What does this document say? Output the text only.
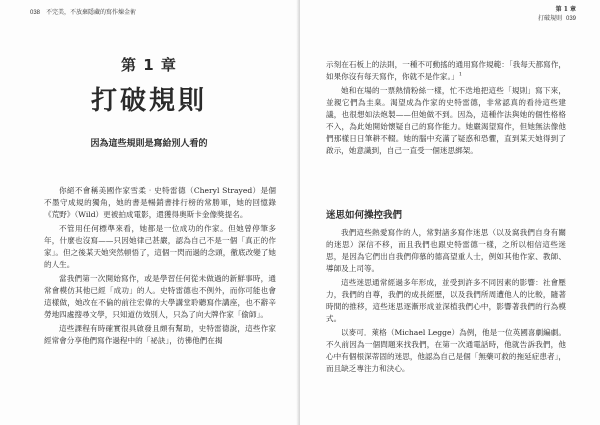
038 不完美，不放棄隱藏的寫作煉金術
第 1 章
打破規則
因為這些規則是寫給別人看的

你絕不會稱美國作家雪柔‧史特雷德（Cheryl Strayed）是個不墨守成規的獨角，她的書是暢銷書排行榜的常勝軍，她的回憶錄《荒野》（Wild）更被拍成電影，還獲得奧斯卡金像獎提名。

不管用任何標準來看，她都是一位成功的作家。但她曾停筆多年，什麼也沒寫——只因她律己甚嚴，認為自己不是一個「真正的作家」。但之後某天她突然頓悟了，這個一閃而過的念頭，徹底改變了她的人生。

當我們第一次開始寫作，或是學習任何從未做過的新鮮事時，通常會模仿其他已經「成功」的人。史特雷德也不例外，而你可能也會這樣做，她改在不倫的前往宏偉的大學講堂聆聽寫作講座，也不辭辛勞地四處搜尋文學，只知道仿效別人，只為了向大牌作家「偷師」。

這些課程有時確實很具啟發且頗有幫助，史特雷德說，這些作家經常會分享他們寫作過程中的「祕訣」，彷彿他們在揭

第 1 章
打破規則 039

示刻在石板上的法則，一種不可動搖的通用寫作規範：「我每天都寫作，如果你沒有每天寫作，你就不是作家。」$^1$

她和在場的一票熱情粉絲一樣，忙不迭地把這些「規則」寫下來，並親它們為圭臬。渴望成為作家的史特雷德，非常認真的看待這些建議，也很想如法炮製——但她做不到。因為，這種作法與她的個性格格不入，為此她開始懷疑自己的寫作能力。她嚴渴望寫作，但她無法像他們那樣日日筆耕不輟。她的腦中充滿了疑惑和恐懼，直到某天她得到了啟示，她意識到，自己一直受一個迷思綁架。

迷思如何操控我們

我們這些熱愛寫作的人，常對諸多寫作迷思（以及窩我們自身有關的迷思）深信不移，而且我們也跟史特雷德一樣，之所以相信這些迷思，是因為它們出自我們仰慕的德高望重人士，例如其他作家、教師、導師及上司等。

這些迷思通常經過多年形成，並受到許多不同因素的影響：社會壓力，我們的自尊，我們的成長經歷，以及我們所周遭他人的比較，隨著時間的推移，這些迷思逐漸形成並深植我們心中，影響著我們的行為模式。

以麥可．萊格（Michael Legge）為例，他是一位英國喜劇編劇。不久前因為一個問題來找我們，在第一次通電話時，他就告訴我們，他心中有個根深蒂固的迷思，他認為自己是個「無藥可救的拖延症患者」，而且缺乏專注力和決心。
